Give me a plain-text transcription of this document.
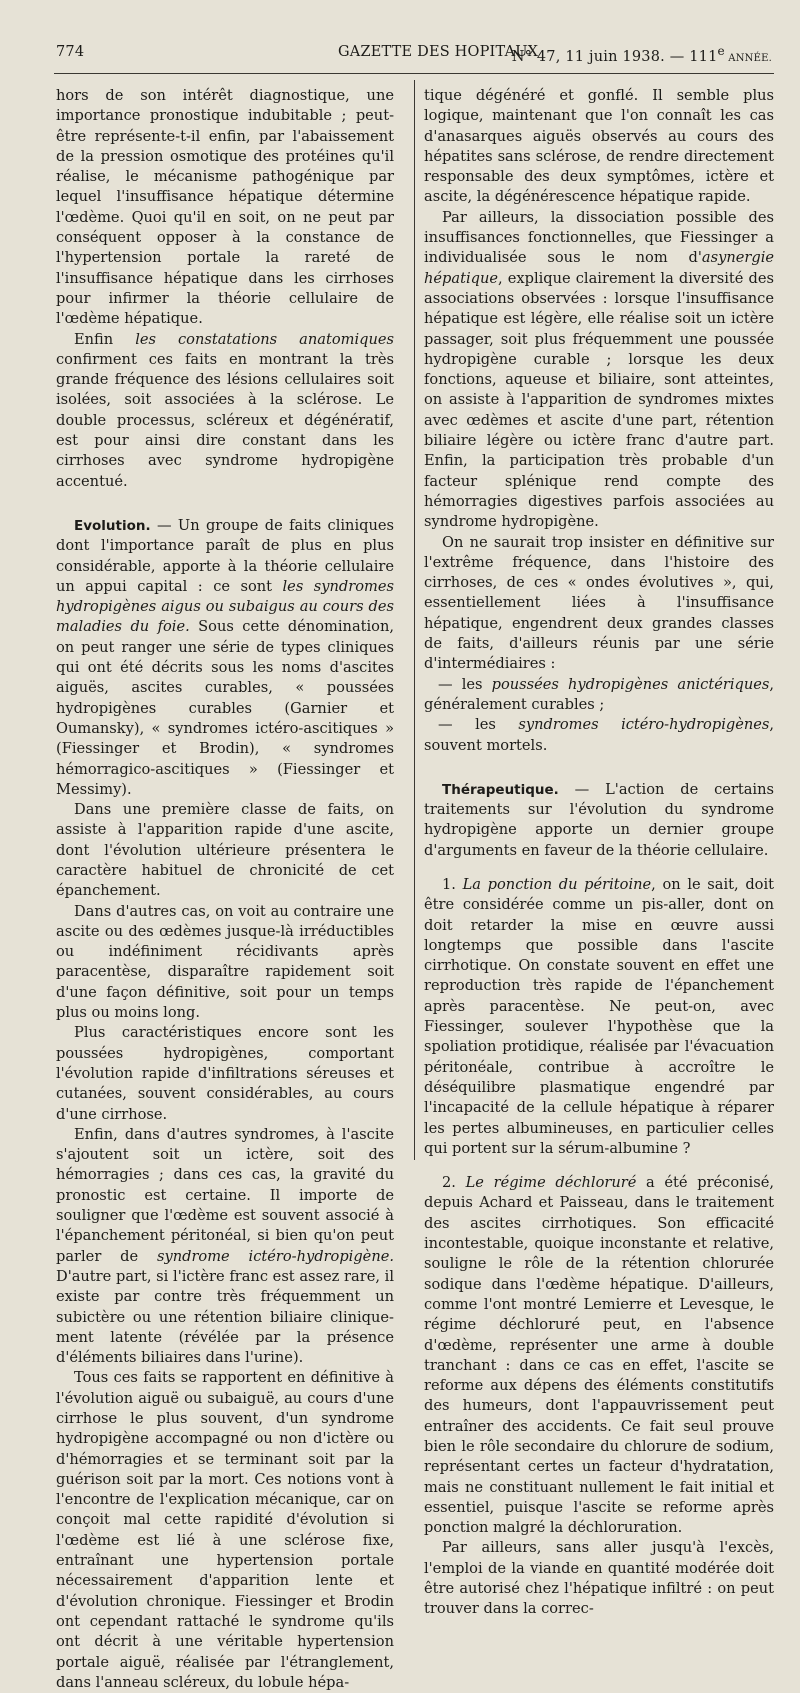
774	GAZETTE DES HOPITAUX
N° 47, 11 juin 1938. — 111e ANNÉE.

hors de son intérêt diagnostique, une importance pronostique indubitable ; peut-être représente-t-il enfin, par l'abaissement de la pression osmotique des protéines qu'il réalise, le mécanisme pathogénique par lequel l'insuffisance hépatique détermine l'œdème. Quoi qu'il en soit, on ne peut par conséquent opposer à la constance de l'hypertension portale la rareté de l'insuffisance hépatique dans les cirrhoses pour infirmer la théorie cellulaire de l'œdème hépatique.

Enfin les constatations anatomiques confirment ces faits en montrant la très grande fréquence des lésions cellulaires soit isolées, soit associées à la sclérose. Le double processus, scléreux et dégénératif, est pour ainsi dire constant dans les cirrhoses avec syndrome hydropigène accentué.

Evolution. — Un groupe de faits cliniques dont l'importance paraît de plus en plus considérable, apporte à la théorie cellulaire un appui capital : ce sont les syndromes hydropigènes aigus ou subaigus au cours des maladies du foie. Sous cette dénomination, on peut ranger une série de types cliniques qui ont été décrits sous les noms d'ascites aiguës, ascites curables, « poussées hydropigènes curables (Garnier et Oumansky), « syndromes ictéro-ascitiques » (Fiessinger et Brodin), « syndromes hémorragico-ascitiques » (Fiessinger et Messimy).

Dans une première classe de faits, on assiste à l'apparition rapide d'une ascite, dont l'évolution ultérieure présentera le caractère habituel de chronicité de cet épanchement.

Dans d'autres cas, on voit au contraire une ascite ou des œdèmes jusque-là irréductibles ou indéfiniment récidivants après paracentèse, disparaître rapidement soit d'une façon définitive, soit pour un temps plus ou moins long.

Plus caractéristiques encore sont les poussées hydropigènes, comportant l'évolution rapide d'infiltrations séreuses et cutanées, souvent considérables, au cours d'une cirrhose.

Enfin, dans d'autres syndromes, à l'ascite s'ajoutent soit un ictère, soit des hémorragies ; dans ces cas, la gravité du pronostic est certaine. Il importe de souligner que l'œdème est souvent associé à l'épanchement péritonéal, si bien qu'on peut parler de syndrome ictéro-hydropigène. D'autre part, si l'ictère franc est assez rare, il existe par contre très fréquemment un subictère ou une rétention biliaire clinique-ment latente (révélée par la présence d'éléments biliaires dans l'urine).

Tous ces faits se rapportent en définitive à l'évolution aiguë ou subaiguë, au cours d'une cirrhose le plus souvent, d'un syndrome hydropigène accompagné ou non d'ictère ou d'hémorragies et se terminant soit par la guérison soit par la mort. Ces notions vont à l'encontre de l'explication mécanique, car on conçoit mal cette rapidité d'évolution si l'œdème est lié à une sclérose fixe, entraînant une hypertension portale nécessairement d'apparition lente et d'évolution chronique. Fiessinger et Brodin ont cependant rattaché le syndrome qu'ils ont décrit à une véritable hypertension portale aiguë, réalisée par l'étranglement, dans l'anneau scléreux, du lobule hépa-

tique dégénéré et gonflé. Il semble plus logique, maintenant que l'on connaît les cas d'anasarques aiguës observés au cours des hépatites sans sclérose, de rendre directement responsable des deux symptômes, ictère et ascite, la dégénérescence hépatique rapide.

Par ailleurs, la dissociation possible des insuffisances fonctionnelles, que Fiessinger a individualisée sous le nom d'asynergie hépatique, explique clairement la diversité des associations observées : lorsque l'insuffisance hépatique est légère, elle réalise soit un ictère passager, soit plus fréquemment une poussée hydropigène curable ; lorsque les deux fonctions, aqueuse et biliaire, sont atteintes, on assiste à l'apparition de syndromes mixtes avec œdèmes et ascite d'une part, rétention biliaire légère ou ictère franc d'autre part. Enfin, la participation très probable d'un facteur splénique rend compte des hémorragies digestives parfois associées au syndrome hydropigène.

On ne saurait trop insister en définitive sur l'extrême fréquence, dans l'histoire des cirrhoses, de ces « ondes évolutives », qui, essentiellement liées à l'insuffisance hépatique, engendrent deux grandes classes de faits, d'ailleurs réunis par une série d'intermédiaires :

— les poussées hydropigènes anictériques, généralement curables ;

— les syndromes ictéro-hydropigènes, souvent mortels.

Thérapeutique. — L'action de certains traitements sur l'évolution du syndrome hydropigène apporte un dernier groupe d'arguments en faveur de la théorie cellulaire.

1. La ponction du péritoine, on le sait, doit être considérée comme un pis-aller, dont on doit retarder la mise en œuvre aussi longtemps que possible dans l'ascite cirrhotique. On constate souvent en effet une reproduction très rapide de l'épanchement après paracentèse. Ne peut-on, avec Fiessinger, soulever l'hypothèse que la spoliation protidique, réalisée par l'évacuation péritonéale, contribue à accroître le déséquilibre plasmatique engendré par l'incapacité de la cellule hépatique à réparer les pertes albumineuses, en particulier celles qui portent sur la sérum-albumine ?

2. Le régime déchloruré a été préconisé, depuis Achard et Paisseau, dans le traitement des ascites cirrhotiques. Son efficacité incontestable, quoique inconstante et relative, souligne le rôle de la rétention chlorurée sodique dans l'œdème hépatique. D'ailleurs, comme l'ont montré Lemierre et Levesque, le régime déchloruré peut, en l'absence d'œdème, représenter une arme à double tranchant : dans ce cas en effet, l'ascite se reforme aux dépens des éléments constitutifs des humeurs, dont l'appauvrissement peut entraîner des accidents. Ce fait seul prouve bien le rôle secondaire du chlorure de sodium, représentant certes un facteur d'hydratation, mais ne constituant nullement le fait initial et essentiel, puisque l'ascite se reforme après ponction malgré la déchloruration.

Par ailleurs, sans aller jusqu'à l'excès, l'emploi de la viande en quantité modérée doit être autorisé chez l'hépatique infiltré : on peut trouver dans la correc-
